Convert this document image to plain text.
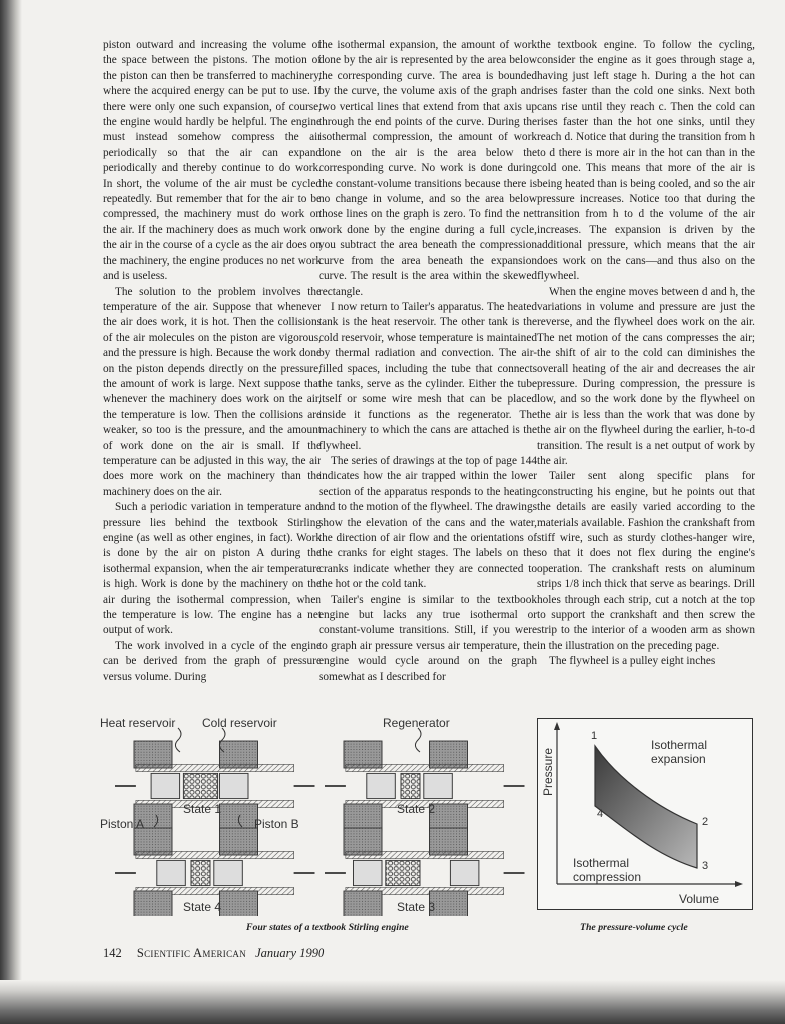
piston outward and increasing the volume of the space between the pistons. The motion of the piston can then be transferred to machinery, where the acquired energy can be put to use. If there were only one such expansion, of course, the engine would hardly be helpful. The engine must instead somehow compress the air periodically so that the air can expand periodically and thereby continue to do work. In short, the volume of the air must be cycled repeatedly. But remember that for the air to be compressed, the machinery must do work on the air. If the machinery does as much work on the air in the course of a cycle as the air does on the machinery, the engine produces no net work and is useless.

The solution to the problem involves the temperature of the air. Suppose that whenever the air does work, it is hot. Then the collisions of the air molecules on the piston are vigorous, and the pressure is high. Because the work done on the piston depends directly on the pressure, the amount of work is large. Next suppose that whenever the machinery does work on the air, the temperature is low. Then the collisions are weaker, so too is the pressure, and the amount of work done on the air is small. If the temperature can be adjusted in this way, the air does more work on the machinery than the machinery does on the air.

Such a periodic variation in temperature and pressure lies behind the textbook Stirling engine (as well as other engines, in fact). Work is done by the air on piston A during the isothermal expansion, when the air temperature is high. Work is done by the machinery on the air during the isothermal compression, when the temperature is low. The engine has a net output of work.

The work involved in a cycle of the engine can be derived from the graph of pressure versus volume. During

the isothermal expansion, the amount of work done by the air is represented by the area below the corresponding curve. The area is bounded by the curve, the volume axis of the graph and two vertical lines that extend from that axis up through the end points of the curve. During the isothermal compression, the amount of work done on the air is the area below the corresponding curve. No work is done during the constant-volume transitions because there is no change in volume, and so the area below those lines on the graph is zero. To find the net work done by the engine during a full cycle, you subtract the area beneath the compression curve from the area beneath the expansion curve. The result is the area within the skewed rectangle.

I now return to Tailer's apparatus. The heated tank is the heat reservoir. The other tank is the cold reservoir, whose temperature is maintained by thermal radiation and convection. The air-filled spaces, including the tube that connects the tanks, serve as the cylinder. Either the tube itself or some wire mesh that can be placed inside it functions as the regenerator. The machinery to which the cans are attached is the flywheel.

The series of drawings at the top of page 144 indicates how the air trapped within the lower section of the apparatus responds to the heating and to the motion of the flywheel. The drawings show the elevation of the cans and the water, the direction of air flow and the orientations of the cranks for eight stages. The labels on the cranks indicate whether they are connected to the hot or the cold tank.

Tailer's engine is similar to the textbook engine but lacks any true isothermal or constant-volume transitions. Still, if you were to graph air pressure versus air temperature, the engine would cycle around on the graph somewhat as I described for

the textbook engine. To follow the cycling, consider the engine as it goes through stage a, having just left stage h. During a the hot can rises faster than the cold one sinks. Next both cans rise until they reach c. Then the cold can rises faster than the hot one sinks, until they reach d. Notice that during the transition from h to d there is more air in the hot can than in the cold one. This means that more of the air is being heated than is being cooled, and so the air pressure increases. Notice too that during the transition from h to d the volume of the air increases. The expansion is driven by the additional pressure, which means that the air does work on the cans—and thus also on the flywheel.

When the engine moves between d and h, the variations in volume and pressure are just the reverse, and the flywheel does work on the air. The net motion of the cans compresses the air; the shift of air to the cold can diminishes the overall heating of the air and decreases the air pressure. During compression, the pressure is low, and so the work done by the flywheel on the air is less than the work that was done by the air on the flywheel during the earlier, h-to-d transition. The result is a net output of work by the air.

Tailer sent along specific plans for constructing his engine, but he points out that the details are easily varied according to the materials available. Fashion the crankshaft from stiff wire, such as sturdy clothes-hanger wire, so that it does not flex during the engine's operation. The crankshaft rests on aluminum strips 1/8 inch thick that serve as bearings. Drill holes through each strip, cut a notch at the top to support the crankshaft and then screw the strip to the interior of a wooden arm as shown in the illustration on the preceding page.

The flywheel is a pulley eight inches

Heat reservoir Cold reservoir	Regenerator
State 1	State 2
Piston A	Piston B
State 4	State 3
Four states of a textbook Stirling engine
Pressure
1
2
3
4
Isothermal
expansion
Isothermal
compression
Volume
The pressure-volume cycle
142 Scientific American January 1990
